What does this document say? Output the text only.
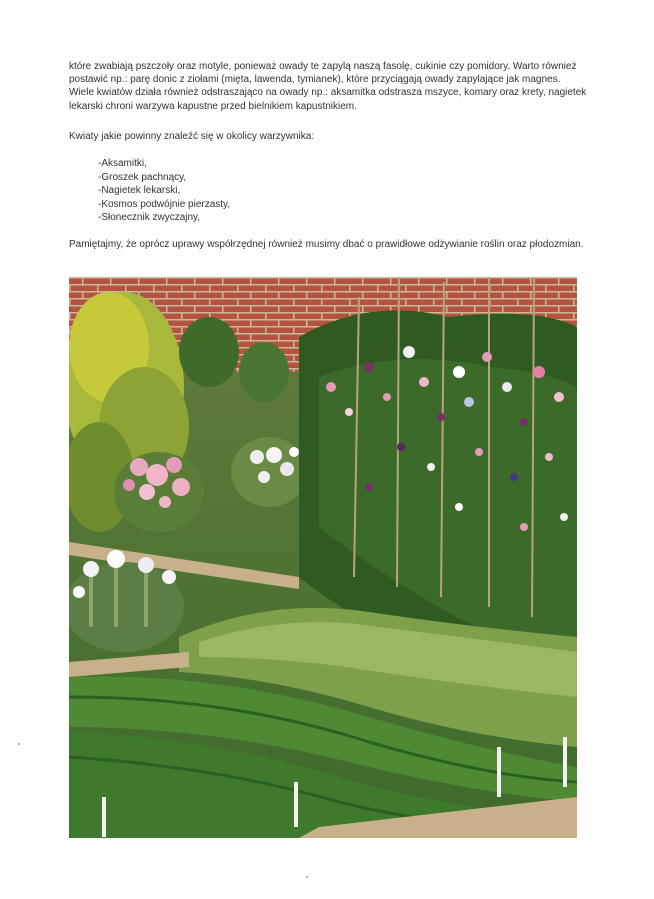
które zwabiają pszczoły oraz motyle, ponieważ owady te zapylą naszą fasolę, cukinie czy pomidory. Warto również postawić np.: parę donic z ziołami (mięta, lawenda, tymianek), które przyciągają owady zapylające jak magnes. Wiele kwiatów działa również odstraszająco na owady np.: aksamitka odstrasza mszyce, komary oraz krety, nagietek lekarski chroni warzywa kapustne przed bielnikiem kapustnikiem.
Kwiaty jakie powinny znaleźć się w okolicy warzywnika:
-Aksamitki,
-Groszek pachnący,
-Nagietek lekarski,
-Kosmos podwójnie pierzasty,
-Słonecznik zwyczajny,
Pamiętajmy, że oprócz uprawy współrzędnej również musimy dbać o prawidłowe odżywianie roślin oraz płodozmian.
